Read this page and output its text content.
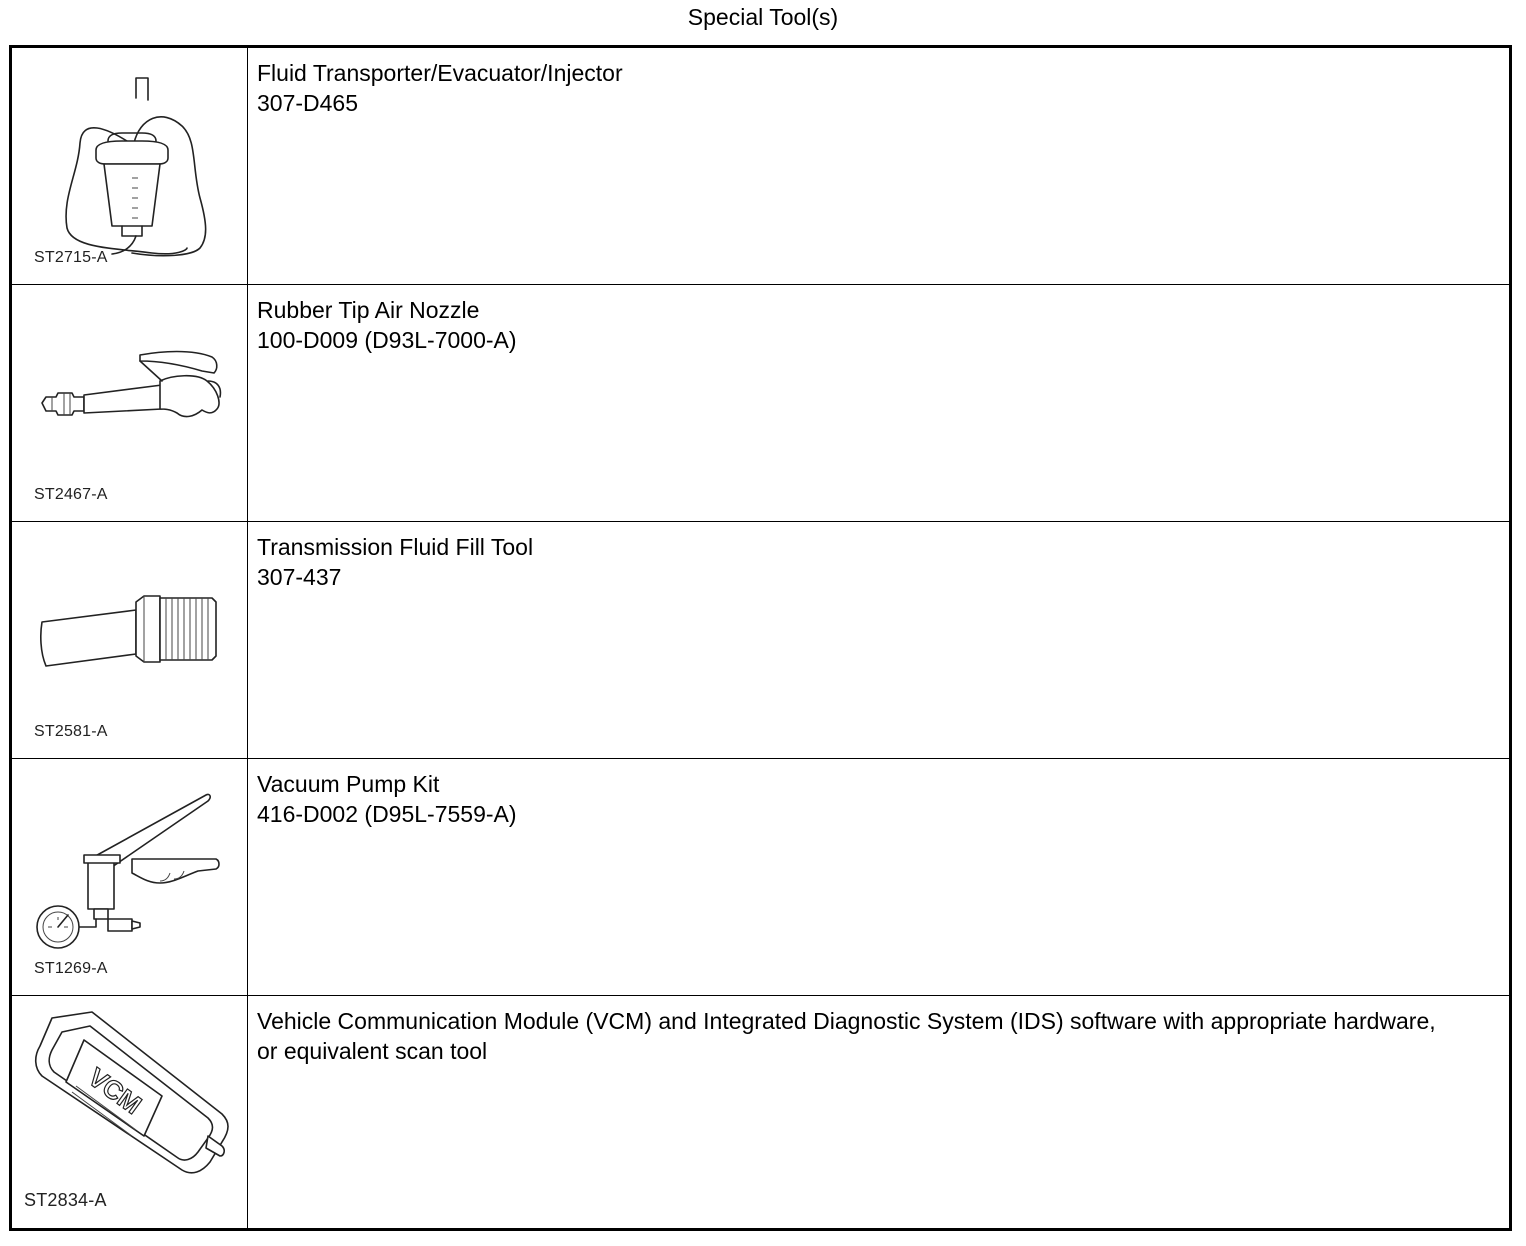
Special Tool(s)
ST2715-A
Fluid Transporter/Evacuator/Injector
307-D465
ST2467-A
Rubber Tip Air Nozzle
100-D009 (D93L-7000-A)
ST2581-A
Transmission Fluid Fill Tool
307-437
ST1269-A
Vacuum Pump Kit
416-D002 (D95L-7559-A)
VCM
ST2834-A
Vehicle Communication Module (VCM) and Integrated Diagnostic System (IDS) software with appropriate hardware, or equivalent scan tool
